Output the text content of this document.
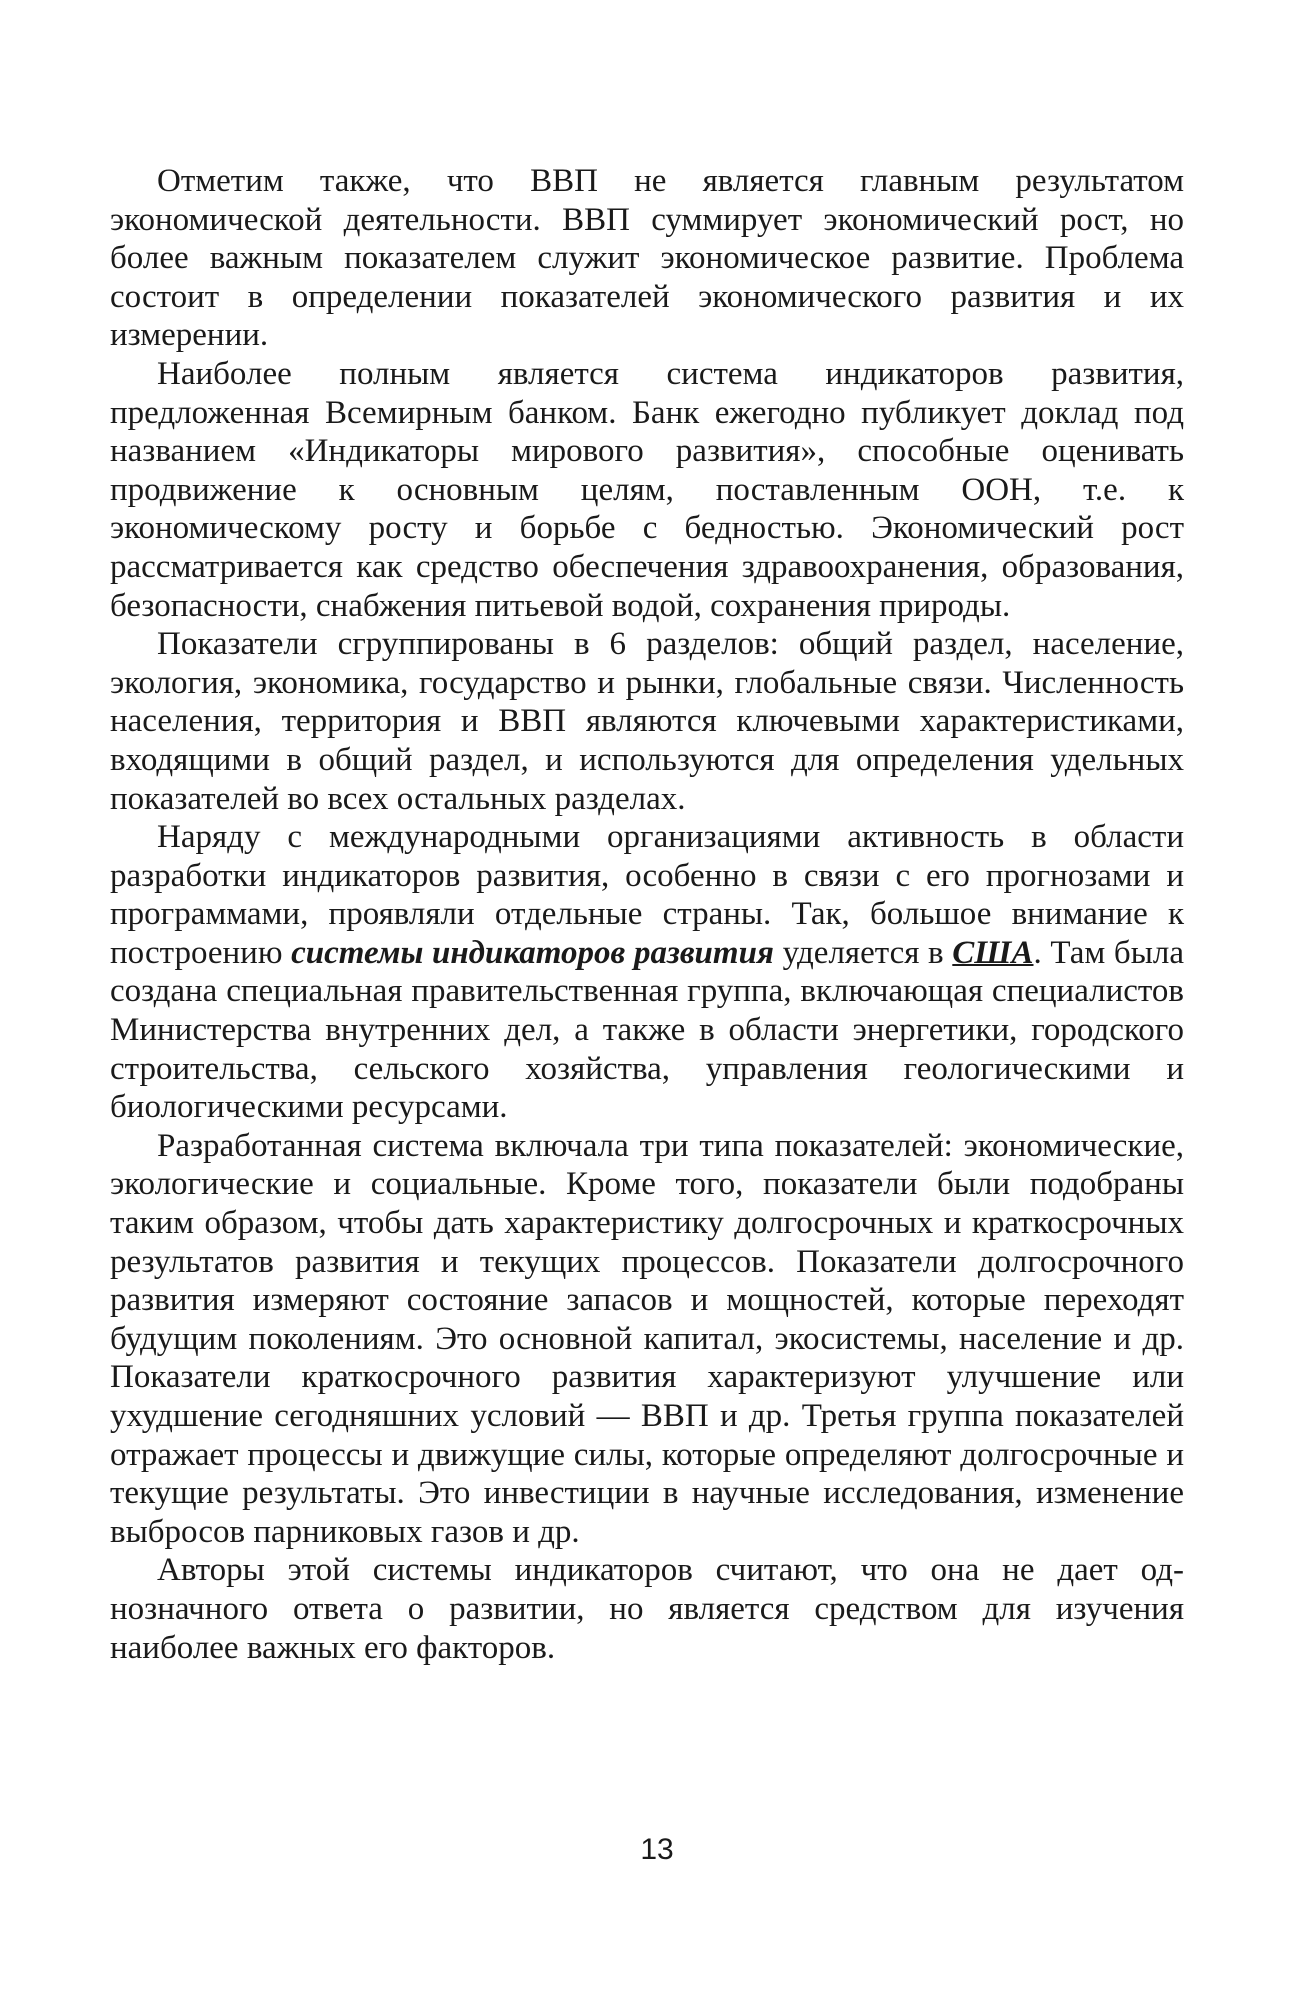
Отметим также, что ВВП не является главным результатом экономической деятельности. ВВП суммирует экономический рост, но более важным показателем служит экономическое развитие. Проблема состоит в определении показателей экономического развития и их измерении.

Наиболее полным является система индикаторов развития, предложенная Всемирным банком. Банк ежегодно публикует доклад под названием «Индикаторы мирового развития», способные оценивать продвижение к основным целям, поставленным ООН, т.е. к экономическому росту и борьбе с бедностью. Экономический рост рассматривается как средство обеспечения здравоохранения, образования, безопасности, снабжения питьевой водой, сохранения природы.

Показатели сгруппированы в 6 разделов: общий раздел, население, экология, экономика, государство и рынки, глобальные связи. Численность населения, территория и ВВП являются ключевыми характеристиками, входящими в общий раздел, и используются для определения удельных показателей во всех остальных разделах.

Наряду с международными организациями активность в области разработки индикаторов развития, особенно в связи с его прогнозами и программами, проявляли отдельные страны. Так, большое внимание к построению системы индикаторов развития уделяется в США. Там была создана специальная правительственная группа, включающая специалистов Министерства внутренних дел, а также в области энергетики, городского строительства, сельского хозяйства, управления геологическими и биологическими ресурсами.

Разработанная система включала три типа показателей: экономические, экологические и социальные. Кроме того, показатели были подобраны таким образом, чтобы дать характеристику долгосрочных и краткосрочных результатов развития и текущих процессов. Показатели долгосрочного развития измеряют состояние запасов и мощностей, которые переходят будущим поколениям. Это основной капитал, экосистемы, население и др. Показатели краткосрочного развития характеризуют улучшение или ухудшение сегодняшних условий — ВВП и др. Третья группа показателей отражает процессы и движущие силы, которые определяют долгосрочные и текущие результаты. Это инвестиции в научные исследования, изменение выбросов парниковых газов и др.

Авторы этой системы индикаторов считают, что она не дает однозначного ответа о развитии, но является средством для изучения наиболее важных его факторов.

13
